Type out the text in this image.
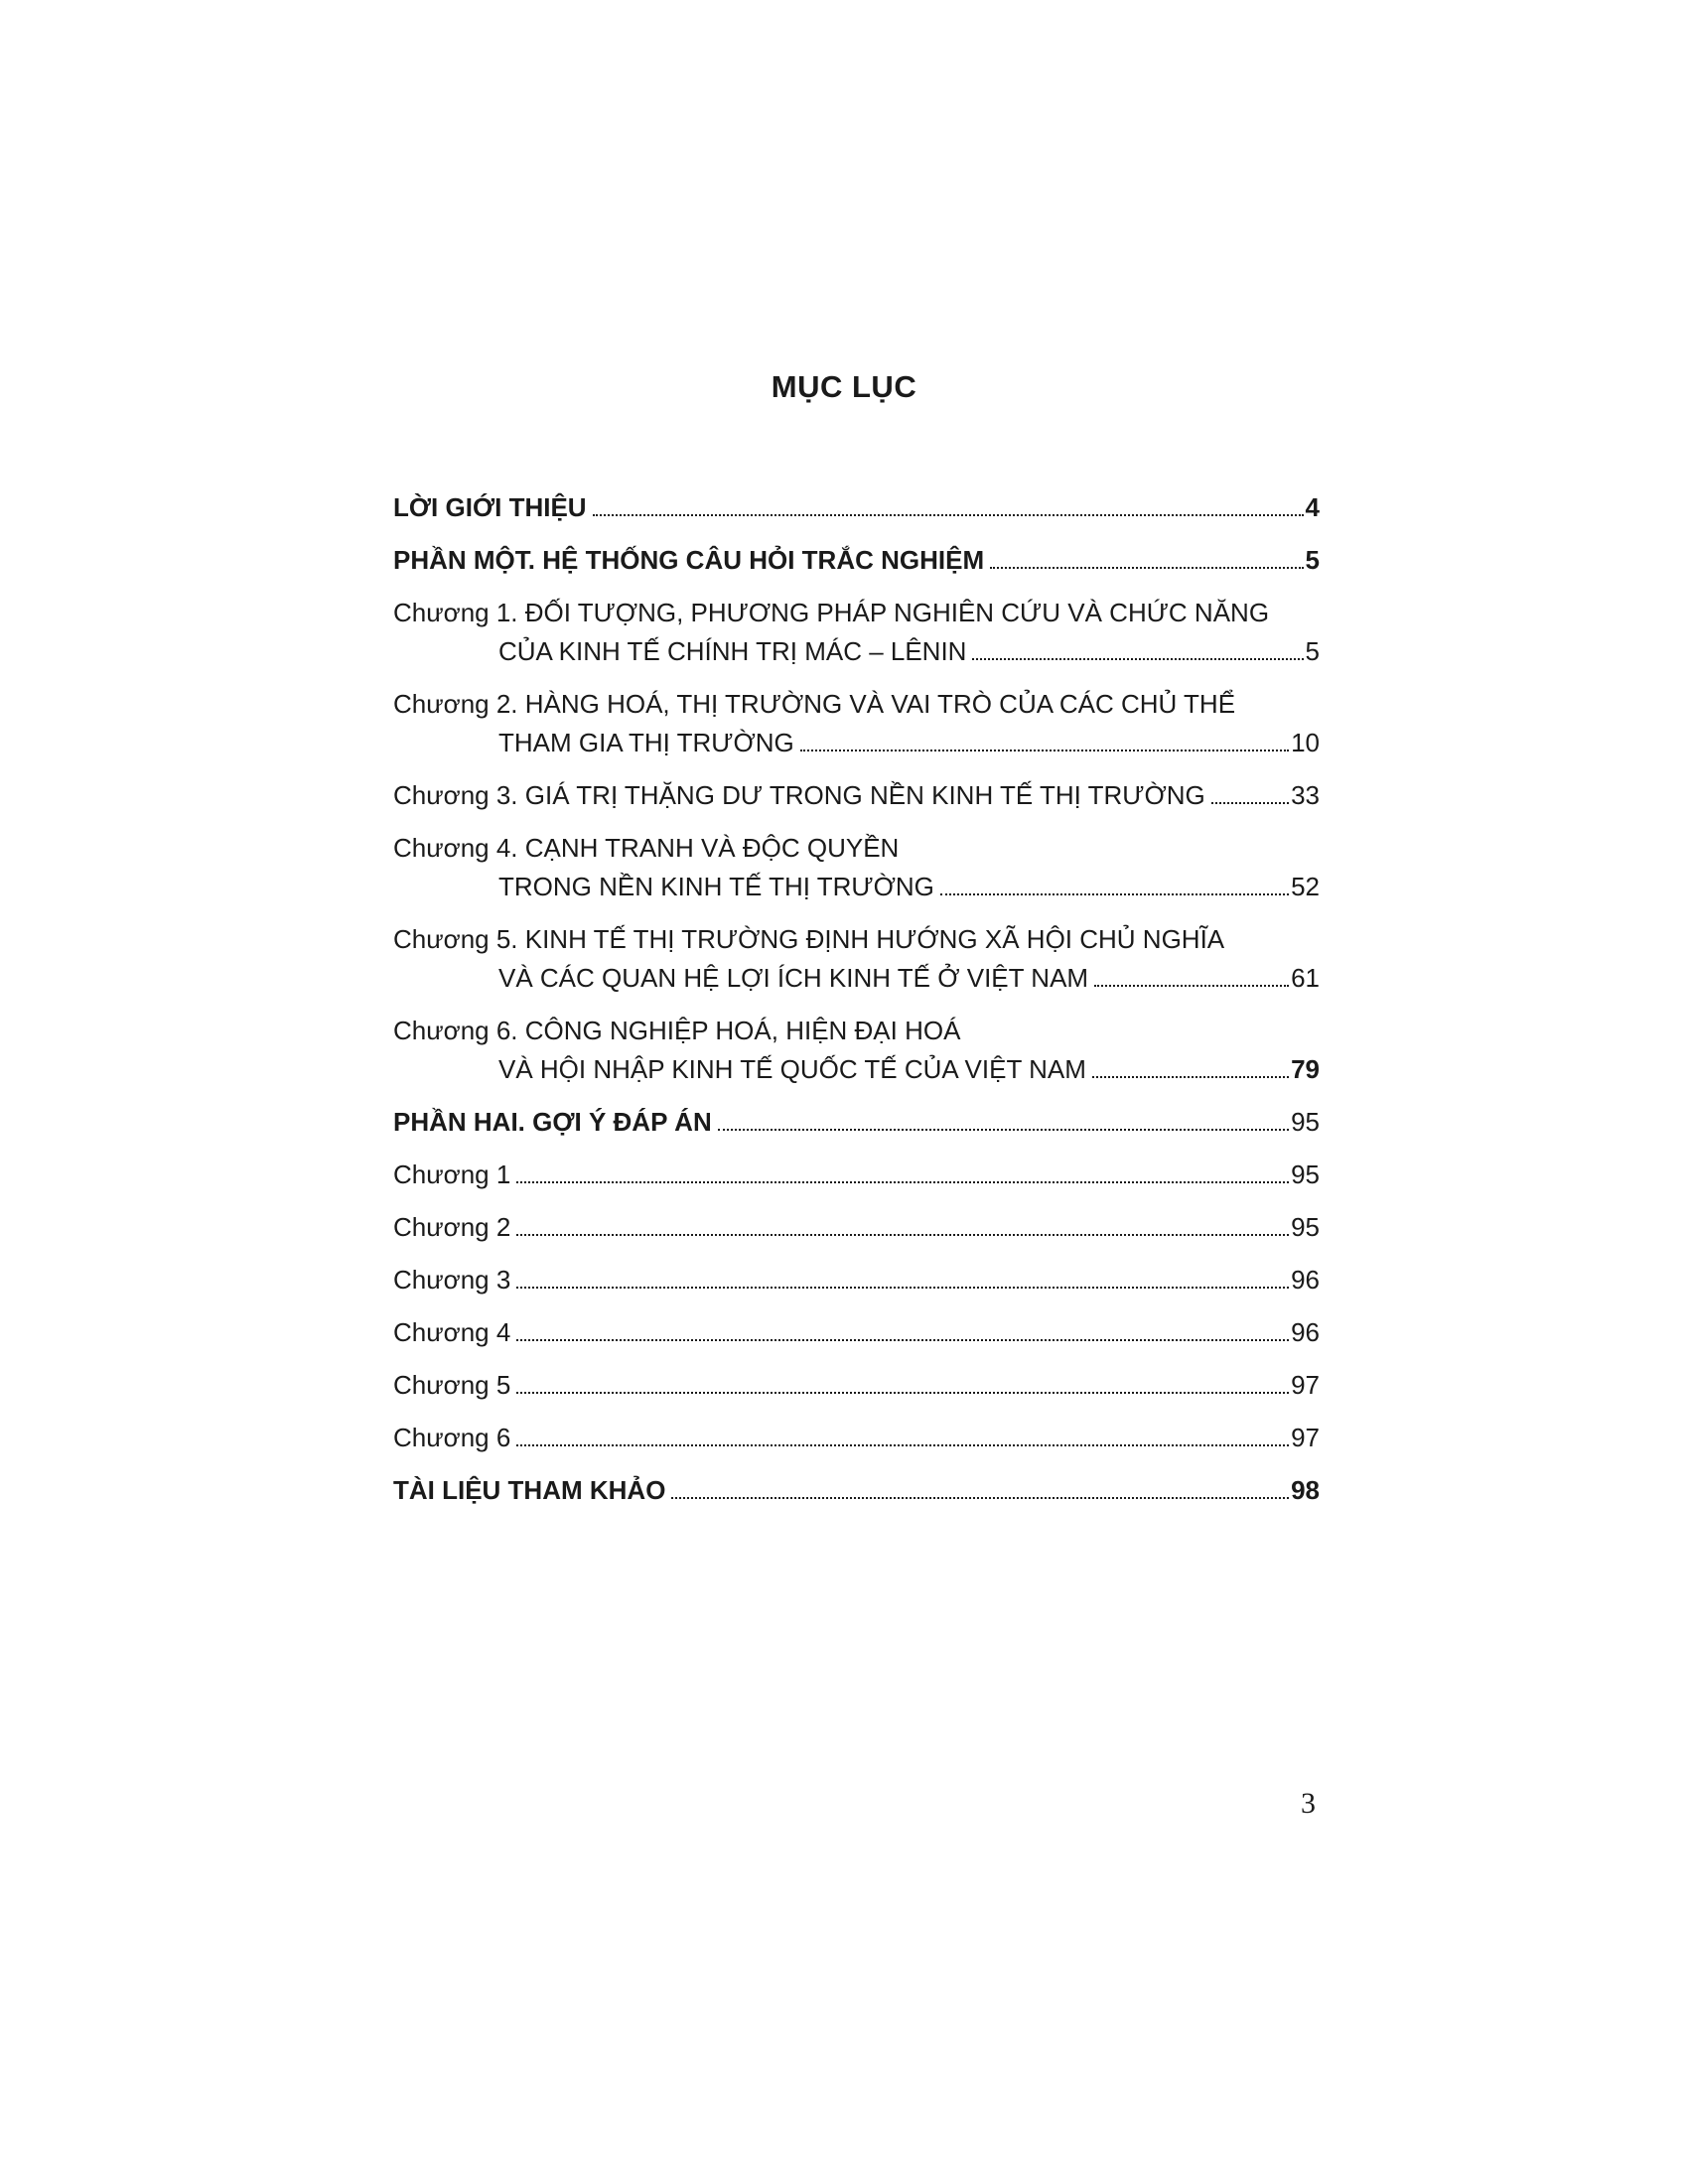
MỤC LỤC
LỜI GIỚI THIỆU	4
PHẦN MỘT. HỆ THỐNG CÂU HỎI TRẮC NGHIỆM	5
Chương 1. ĐỐI TƯỢNG, PHƯƠNG PHÁP NGHIÊN CỨU VÀ CHỨC NĂNG
CỦA KINH TẾ CHÍNH TRỊ MÁC – LÊNIN	5
Chương 2. HÀNG HOÁ, THỊ TRƯỜNG VÀ VAI TRÒ CỦA CÁC CHỦ THỂ
THAM GIA THỊ TRƯỜNG	10
Chương 3. GIÁ TRỊ THẶNG DƯ TRONG NỀN KINH TẾ THỊ TRƯỜNG	33
Chương 4. CẠNH TRANH VÀ ĐỘC QUYỀN
TRONG NỀN KINH TẾ THỊ TRƯỜNG	52
Chương 5. KINH TẾ THỊ TRƯỜNG ĐỊNH HƯỚNG XÃ HỘI CHỦ NGHĨA
VÀ CÁC QUAN HỆ LỢI ÍCH KINH TẾ Ở VIỆT NAM	61
Chương 6. CÔNG NGHIỆP HOÁ, HIỆN ĐẠI HOÁ
VÀ HỘI NHẬP KINH TẾ QUỐC TẾ CỦA VIỆT NAM	79
PHẦN HAI. GỢI Ý ĐÁP ÁN	95
Chương 1	95
Chương 2	95
Chương 3	96
Chương 4	96
Chương 5	97
Chương 6	97
TÀI LIỆU THAM KHẢO	98
3
